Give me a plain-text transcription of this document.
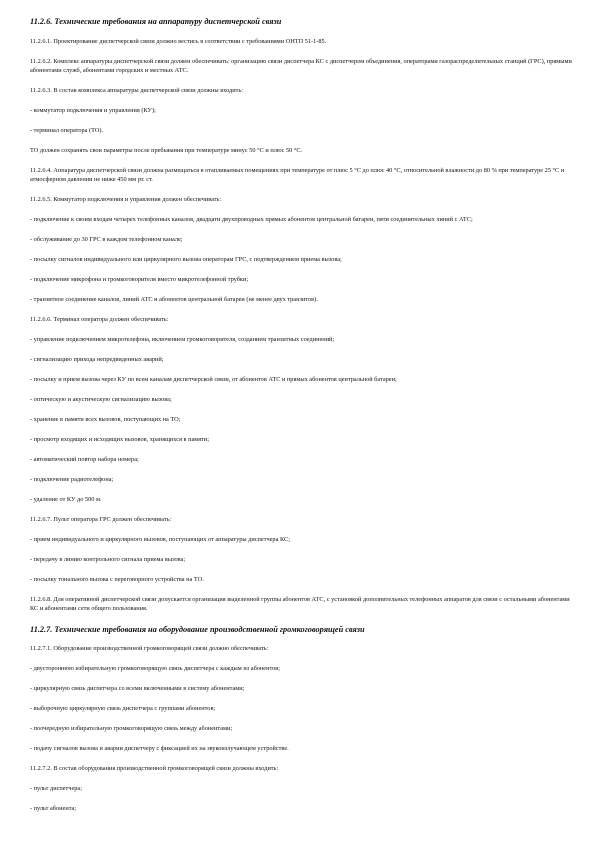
11.2.6. Технические требования на аппаратуру диспетчерской связи
11.2.6.1. Проектирование диспетчерской связи должно вестись в соответствии с требованиями ОНТП 51-1-85.
11.2.6.2. Комплекс аппаратуры диспетчерской связи должен обеспечивать: организацию связи диспетчера КС с диспетчером объединения, операторами газораспределительных станций (ГРС), прямыми абонентами служб, абонентами городских и местных АТС.
11.2.6.3. В состав комплекса аппаратуры диспетчерской связи должны входить:
- коммутатор подключения и управления (КУ);
- терминал оператора (ТО).
ТО должен сохранять свои параметры после пребывания при температуре минус 50 °С и плюс 50 °С.
11.2.6.4. Аппаратура диспетчерской связи должна размещаться в отапливаемых помещениях при температуре от плюс 5 °С до плюс 40 °С, относительной влажности до 80 % при температуре 25 °С и атмосферном давлении не ниже 450 мм рт. ст.
11.2.6.5. Коммутатор подключения и управления должен обеспечивать:
- подключение к своим входам четырех телефонных каналов, двадцати двухпроводных прямых абонентов центральной батареи, пяти соединительных линий с АТС;
- обслуживание до 30 ГРС в каждом телефонном канале;
- посылку сигналов индивидуального или циркулярного вызова операторам ГРС, с подтверждением приема вызова;
- подключение микрофона и громкоговорителя вместо микротелефонной трубки;
- транзитное соединение каналов, линий АТС и абонентов центральной батареи (не менее двух транзитов).
11.2.6.6. Терминал оператора должен обеспечивать:
- управление подключением микротелефона, включением громкоговорителя, созданием транзитных соединений;
- сигнализацию прихода непредвиденных аварий;
- посылку и прием вызова через КУ по всем каналам диспетчерской связи, от абонентов АТС и прямых абонентов центральной батареи;
- оптическую и акустическую сигнализацию вызова;
- хранение в памяти всех вызовов, поступающих на ТО;
- просмотр входящих и исходящих вызовов, хранящихся в памяти;
- автоматический повтор набора номера;
- подключение радиотелефона;
- удаление от КУ до 500 м.
11.2.6.7. Пульт оператора ГРС должен обеспечивать:
- прием индивидуального и циркулярного вызовов, поступающих от аппаратуры диспетчера КС;
- передачу в линию контрольного сигнала приема вызова;
- посылку тонального вызова с переговорного устройства на ТО.
11.2.6.8. Для оперативной диспетчерской связи допускается организация выделенной группы абонентов АТС, с установкой дополнительных телефонных аппаратов для связи с остальными абонентами КС и абонентами сети общего пользования.
11.2.7. Технические требования на оборудование производственной громкоговорящей связи
11.2.7.1. Оборудование производственной громкоговорящей связи должно обеспечивать:
- двустороннюю избирательную громкоговорящую связь диспетчера с каждым из абонентов;
- циркулярную связь диспетчера со всеми включенными в систему абонентами;
- выборочную циркулярную связь диспетчера с группами абонентов;
- поочередную избирательную громкоговорящую связь между абонентами;
- подачу сигналов вызова и аварии диспетчеру с фиксацией их на звукоизлучающем устройстве.
11.2.7.2. В состав оборудования производственной громкоговорящей связи должны входить:
- пульт диспетчера;
- пульт абонента;
